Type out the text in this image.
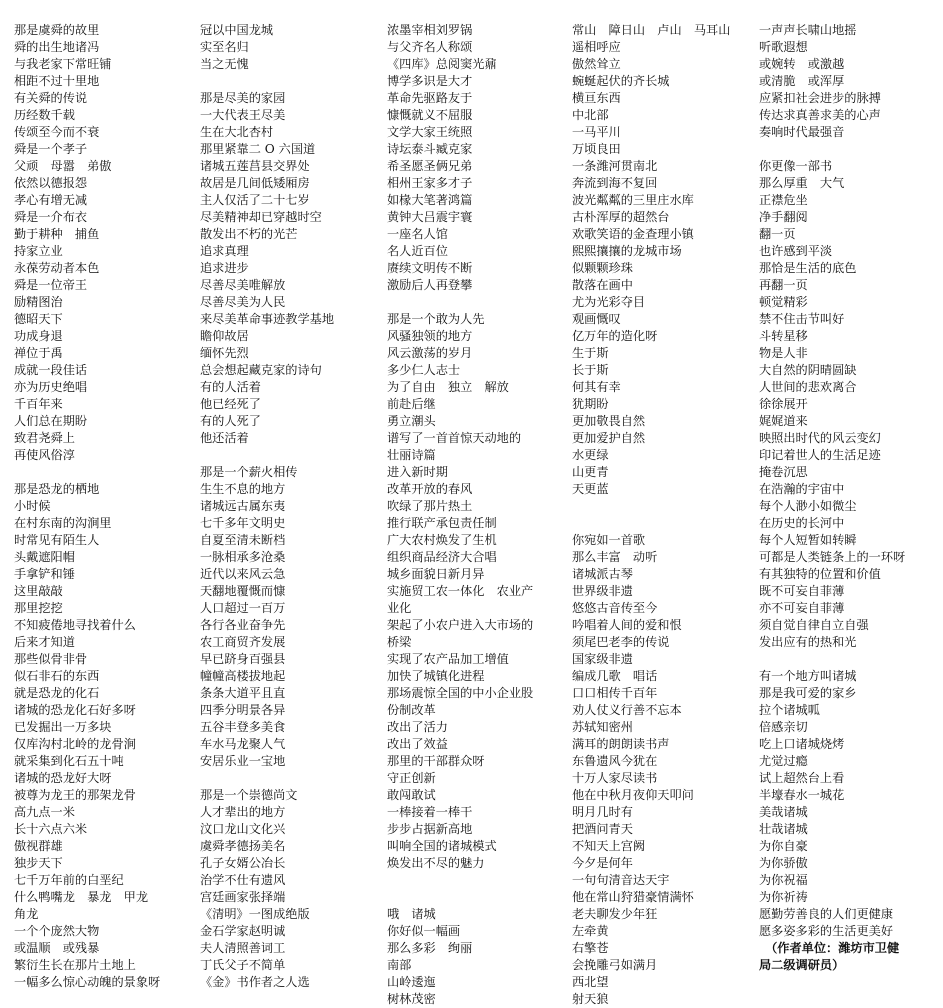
那是虞舜的故里
舜的出生地诸冯
与我老家下常旺铺
相距不过十里地
有关舜的传说
历经数千载
传颂至今而不衰
舜是一个孝子
父顽　母嚣　弟傲
依然以德报怨
孝心有增无减
舜是一介布衣
勤于耕种　捕鱼
持家立业
永葆劳动者本色
舜是一位帝王
励精图治
德昭天下
功成身退
禅位于禹
成就一段佳话
亦为历史绝唱
千百年来
人们总在期盼
致君尧舜上
再使风俗淳
那是恐龙的栖地
小时候
在村东南的沟涧里
时常见有陌生人
头戴遮阳帽
手拿铲和锤
这里敲敲
那里挖挖
不知疲倦地寻找着什么
后来才知道
那些似骨非骨
似石非石的东西
就是恐龙的化石
诸城的恐龙化石好多呀
已发掘出一万多块
仅库沟村北岭的龙骨涧
就采集到化石五十吨
诸城的恐龙好大呀
被尊为龙王的那架龙骨
高九点一米
长十六点六米
傲视群雄
独步天下
七千万年前的白垩纪
什么鸭嘴龙　暴龙　甲龙
角龙
一个个庞然大物
或温顺　或残暴
繁衍生长在那片土地上
一幅多么惊心动魄的景象呀
冠以中国龙城
实至名归
当之无愧
那是尽美的家园
一大代表王尽美
生在大北杏村
那里紧靠二 O 六国道
诸城五莲莒县交界处
故居是几间低矮厢房
主人仅活了二十七岁
尽美精神却已穿越时空
散发出不朽的光芒
追求真理
追求进步
尽善尽美唯解放
尽善尽美为人民
来尽美革命事迹教学基地
瞻仰故居
缅怀先烈
总会想起藏克家的诗句
有的人活着
他已经死了
有的人死了
他还活着
那是一个薪火相传
生生不息的地方
诸城远古属东夷
七千多年文明史
自夏至清未断档
一脉相承多沧桑
近代以来风云急
天翻地覆慨而慷
人口超过一百万
各行各业奋争先
农工商贸齐发展
早已跻身百强县
幢幢高楼拔地起
条条大道平且直
四季分明景各异
五谷丰登多美食
车水马龙聚人气
安居乐业一宝地
那是一个崇德尚文
人才辈出的地方
汶口龙山文化兴
虞舜孝德扬美名
孔子女婿公冶长
治学不仕有遗风
宫廷画家张择端
《清明》一图成绝版
金石学家赵明诚
夫人清照善词工
丁氏父子不简单
《金》书作者之人选
浓墨宰相刘罗锅
与父齐名人称颂
《四库》总阅窦光鼐
博学多识是大才
革命先驱路友于
慷慨就义不屈服
文学大家王统照
诗坛泰斗臧克家
希圣愿圣俩兄弟
相州王家多才子
如椽大笔著鸿篇
黄钟大吕震宇寰
一座名人馆
名人近百位
赓续文明传不断
激励后人再登攀
那是一个敢为人先
风骚独领的地方
风云激荡的岁月
多少仁人志士
为了自由　独立　解放
前赴后继
勇立潮头
谱写了一首首惊天动地的
壮丽诗篇
进入新时期
改革开放的春风
吹绿了那片热土
推行联产承包责任制
广大农村焕发了生机
组织商品经济大合唱
城乡面貌日新月异
实施贸工农一体化　农业产
业化
架起了小农户进入大市场的
桥梁
实现了农产品加工增值
加快了城镇化进程
那场震惊全国的中小企业股
份制改革
改出了活力
改出了效益
那里的干部群众呀
守正创新
敢闯敢试
一棒接着一棒干
步步占据新高地
叫响全国的诸城模式
焕发出不尽的魅力
哦　诸城
你好似一幅画
那么多彩　绚丽
南部
山岭逶迤
树林茂密
常山　障日山　卢山　马耳山
遥相呼应
傲然耸立
蜿蜒起伏的齐长城
横亘东西
中北部
一马平川
万顷良田
一条潍河贯南北
奔流到海不复回
波光粼粼的三里庄水库
古朴浑厚的超然台
欢歌笑语的金查理小镇
熙熙攘攘的龙城市场
似颗颗珍珠
散落在画中
尤为光彩夺目
观画慨叹
亿万年的造化呀
生于斯
长于斯
何其有幸
犹期盼
更加敬畏自然
更加爱护自然
水更绿
山更青
天更蓝
你宛如一首歌
那么丰富　动听
诸城派古琴
世界级非遗
悠悠古音传至今
吟唱着人间的爱和恨
须尾巴老李的传说
国家级非遗
编成几歌　唱话
口口相传千百年
劝人仗义行善不忘本
苏轼知密州
满耳的朗朗读书声
东鲁遗风今犹在
十万人家尽读书
他在中秋月夜仰天叩问
明月几时有
把酒问青天
不知天上宫阙
今夕是何年
一句句清音达天宇
他在常山狩猎豪情满怀
老夫聊发少年狂
左牵黄
右擎苍
会挽雕弓如满月
西北望
射天狼
一声声长啸山地摇
听歌遐想
或婉转　或激越
或清脆　或浑厚
应紧扣社会进步的脉搏
传达求真善求美的心声
奏响时代最强音
你更像一部书
那么厚重　大气
正襟危坐
净手翻阅
翻一页
也许感到平淡
那恰是生活的底色
再翻一页
顿觉精彩
禁不住击节叫好
斗转星移
物是人非
大自然的阴晴圆缺
人世间的悲欢离合
徐徐展开
娓娓道来
映照出时代的风云变幻
印记着世人的生活足迹
掩卷沉思
在浩瀚的宇宙中
每个人渺小如微尘
在历史的长河中
每个人短暂如转瞬
可都是人类链条上的一环呀
有其独特的位置和价值
既不可妄自菲薄
亦不可妄自菲薄
须自觉自律自立自强
发出应有的热和光
有一个地方叫诸城
那是我可爱的家乡
拉个诸城呱
倍感亲切
吃上口诸城烧烤
尤觉过瘾
试上超然台上看
半壕春水一城花
美哉诸城
壮哉诸城
为你自豪
为你骄傲
为你祝福
为你祈祷
愿勤劳善良的人们更健康
愿多姿多彩的生活更美好
　（作者单位：潍坊市卫健
局二级调研员）
